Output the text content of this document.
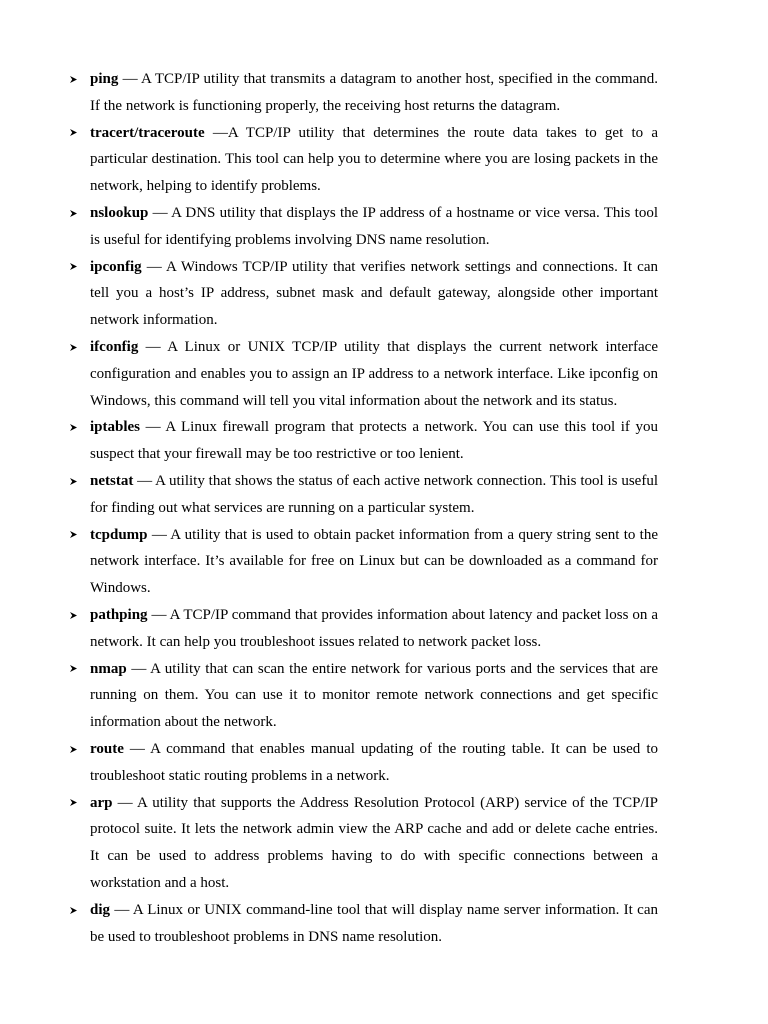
ping — A TCP/IP utility that transmits a datagram to another host, specified in the command. If the network is functioning properly, the receiving host returns the datagram.
tracert/traceroute —A TCP/IP utility that determines the route data takes to get to a particular destination. This tool can help you to determine where you are losing packets in the network, helping to identify problems.
nslookup — A DNS utility that displays the IP address of a hostname or vice versa. This tool is useful for identifying problems involving DNS name resolution.
ipconfig — A Windows TCP/IP utility that verifies network settings and connections. It can tell you a host’s IP address, subnet mask and default gateway, alongside other important network information.
ifconfig — A Linux or UNIX TCP/IP utility that displays the current network interface configuration and enables you to assign an IP address to a network interface. Like ipconfig on Windows, this command will tell you vital information about the network and its status.
iptables — A Linux firewall program that protects a network. You can use this tool if you suspect that your firewall may be too restrictive or too lenient.
netstat — A utility that shows the status of each active network connection. This tool is useful for finding out what services are running on a particular system.
tcpdump — A utility that is used to obtain packet information from a query string sent to the network interface. It’s available for free on Linux but can be downloaded as a command for Windows.
pathping — A TCP/IP command that provides information about latency and packet loss on a network. It can help you troubleshoot issues related to network packet loss.
nmap — A utility that can scan the entire network for various ports and the services that are running on them. You can use it to monitor remote network connections and get specific information about the network.
route — A command that enables manual updating of the routing table. It can be used to troubleshoot static routing problems in a network.
arp — A utility that supports the Address Resolution Protocol (ARP) service of the TCP/IP protocol suite. It lets the network admin view the ARP cache and add or delete cache entries. It can be used to address problems having to do with specific connections between a workstation and a host.
dig — A Linux or UNIX command-line tool that will display name server information. It can be used to troubleshoot problems in DNS name resolution.
